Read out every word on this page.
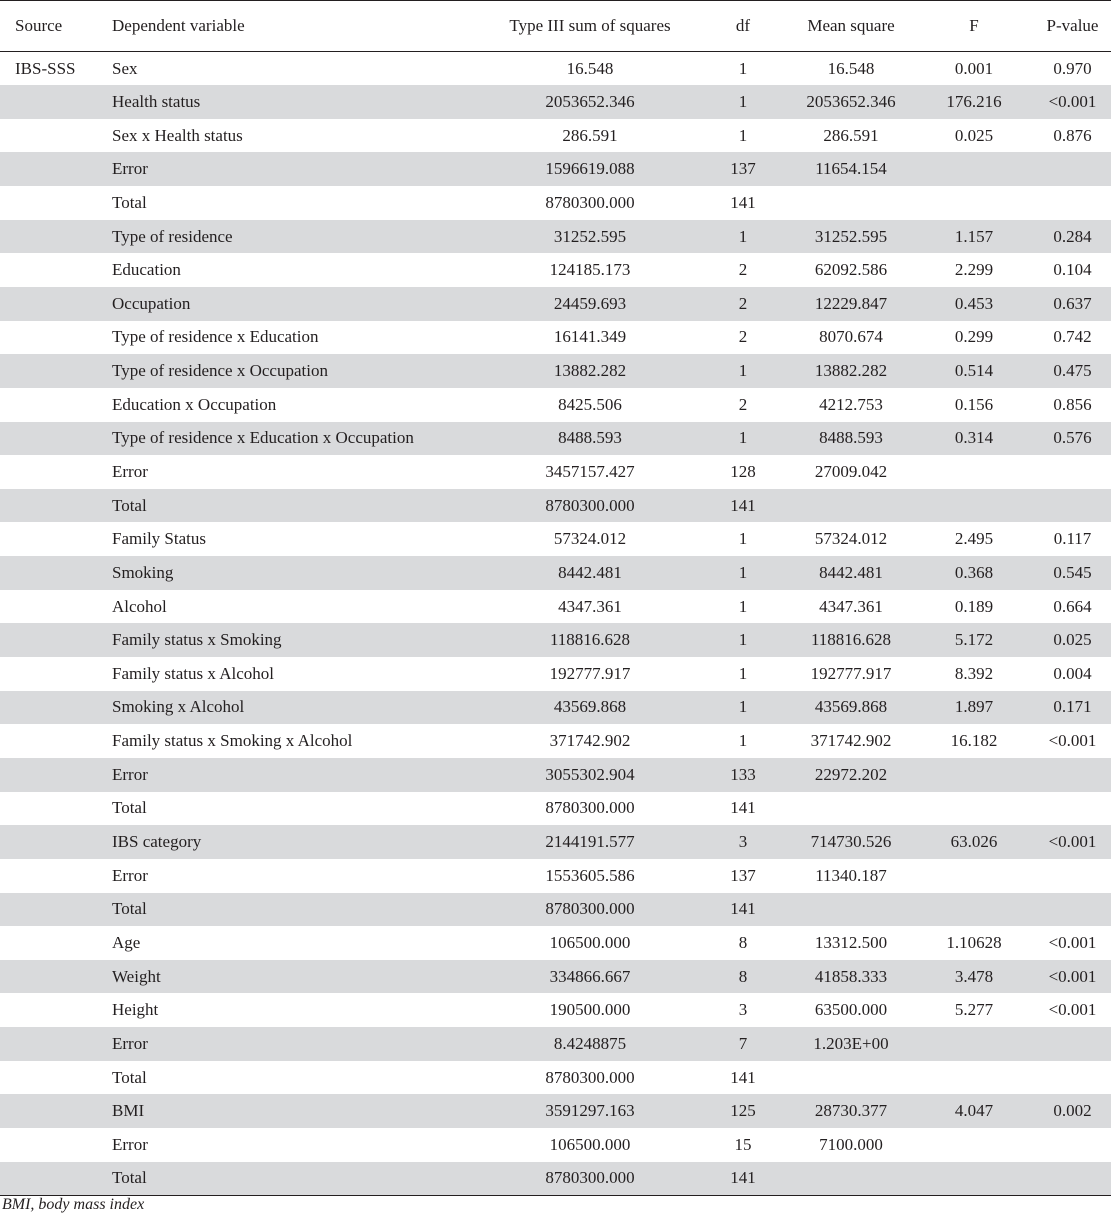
Source	Dependent variable	Type III sum of squares	df	Mean square	F	P-value
IBS-SSS	Sex	16.548	1	16.548	0.001	0.970
	Health status	2053652.346	1	2053652.346	176.216	<0.001
	Sex x Health status	286.591	1	286.591	0.025	0.876
	Error	1596619.088	137	11654.154		
	Total	8780300.000	141			
	Type of residence	31252.595	1	31252.595	1.157	0.284
	Education	124185.173	2	62092.586	2.299	0.104
	Occupation	24459.693	2	12229.847	0.453	0.637
	Type of residence x Education	16141.349	2	8070.674	0.299	0.742
	Type of residence x Occupation	13882.282	1	13882.282	0.514	0.475
	Education x Occupation	8425.506	2	4212.753	0.156	0.856
	Type of residence x Education x Occupation	8488.593	1	8488.593	0.314	0.576
	Error	3457157.427	128	27009.042		
	Total	8780300.000	141			
	Family Status	57324.012	1	57324.012	2.495	0.117
	Smoking	8442.481	1	8442.481	0.368	0.545
	Alcohol	4347.361	1	4347.361	0.189	0.664
	Family status x Smoking	118816.628	1	118816.628	5.172	0.025
	Family status x Alcohol	192777.917	1	192777.917	8.392	0.004
	Smoking x Alcohol	43569.868	1	43569.868	1.897	0.171
	Family status x Smoking x Alcohol	371742.902	1	371742.902	16.182	<0.001
	Error	3055302.904	133	22972.202		
	Total	8780300.000	141			
	IBS category	2144191.577	3	714730.526	63.026	<0.001
	Error	1553605.586	137	11340.187		
	Total	8780300.000	141			
	Age	106500.000	8	13312.500	1.10628	<0.001
	Weight	334866.667	8	41858.333	3.478	<0.001
	Height	190500.000	3	63500.000	5.277	<0.001
	Error	8.4248875	7	1.203E+00		
	Total	8780300.000	141			
	BMI	3591297.163	125	28730.377	4.047	0.002
	Error	106500.000	15	7100.000		
	Total	8780300.000	141			
BMI, body mass index
